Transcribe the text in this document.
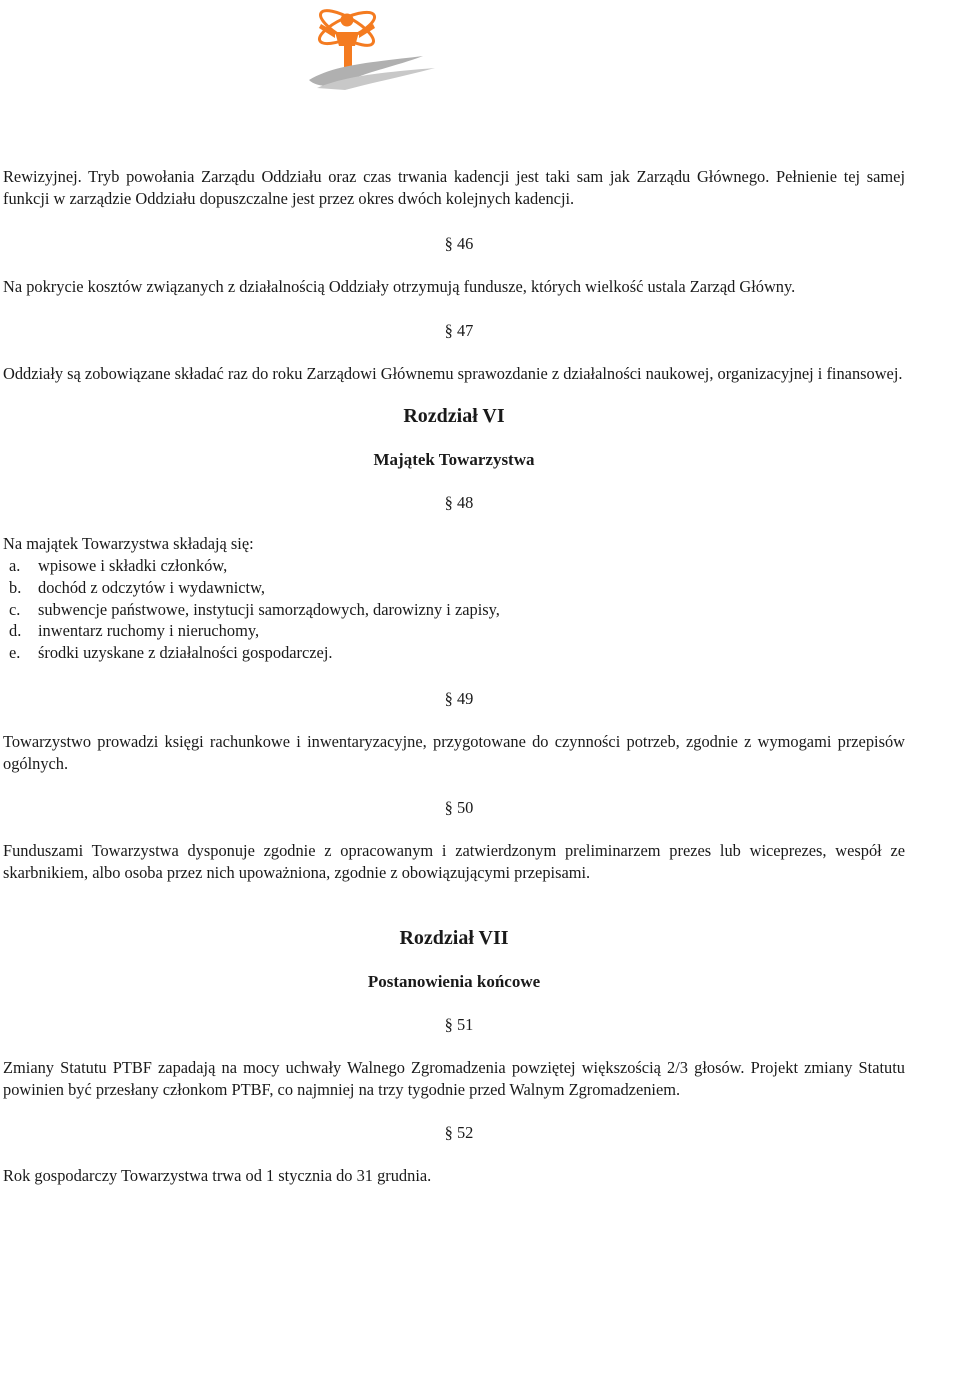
Rewizyjnej. Tryb powołania Zarządu Oddziału oraz czas trwania kadencji jest taki sam jak Zarządu Głównego. Pełnienie tej samej funkcji w zarządzie Oddziału dopuszczalne jest przez okres dwóch kolejnych kadencji.

§ 46

Na pokrycie kosztów związanych z działalnością Oddziały otrzymują fundusze, których wielkość ustala Zarząd Główny.

§ 47

Oddziały są zobowiązane składać raz do roku Zarządowi Głównemu sprawozdanie z działalności naukowej, organizacyjnej i finansowej.

Rozdział VI

Majątek Towarzystwa

§ 48

Na majątek Towarzystwa składają się:

a.	wpisowe i składki członków,
b.	dochód z odczytów i wydawnictw,
c.	subwencje państwowe, instytucji samorządowych, darowizny i zapisy,
d.	inwentarz ruchomy i nieruchomy,
e.	środki uzyskane z działalności gospodarczej.

§ 49

Towarzystwo prowadzi księgi rachunkowe i inwentaryzacyjne, przygotowane do czynności potrzeb, zgodnie z wymogami przepisów ogólnych.

§ 50

Funduszami Towarzystwa dysponuje zgodnie z opracowanym i zatwierdzonym preliminarzem prezes lub wiceprezes, wespół ze skarbnikiem, albo osoba przez nich upoważniona, zgodnie z obowiązującymi przepisami.

Rozdział VII

Postanowienia końcowe

§ 51

Zmiany Statutu PTBF zapadają na mocy uchwały Walnego Zgromadzenia powziętej większością 2/3 głosów. Projekt zmiany Statutu powinien być przesłany członkom PTBF, co najmniej na trzy tygodnie przed Walnym Zgromadzeniem.

§ 52

Rok gospodarczy Towarzystwa trwa od 1 stycznia do 31 grudnia.
